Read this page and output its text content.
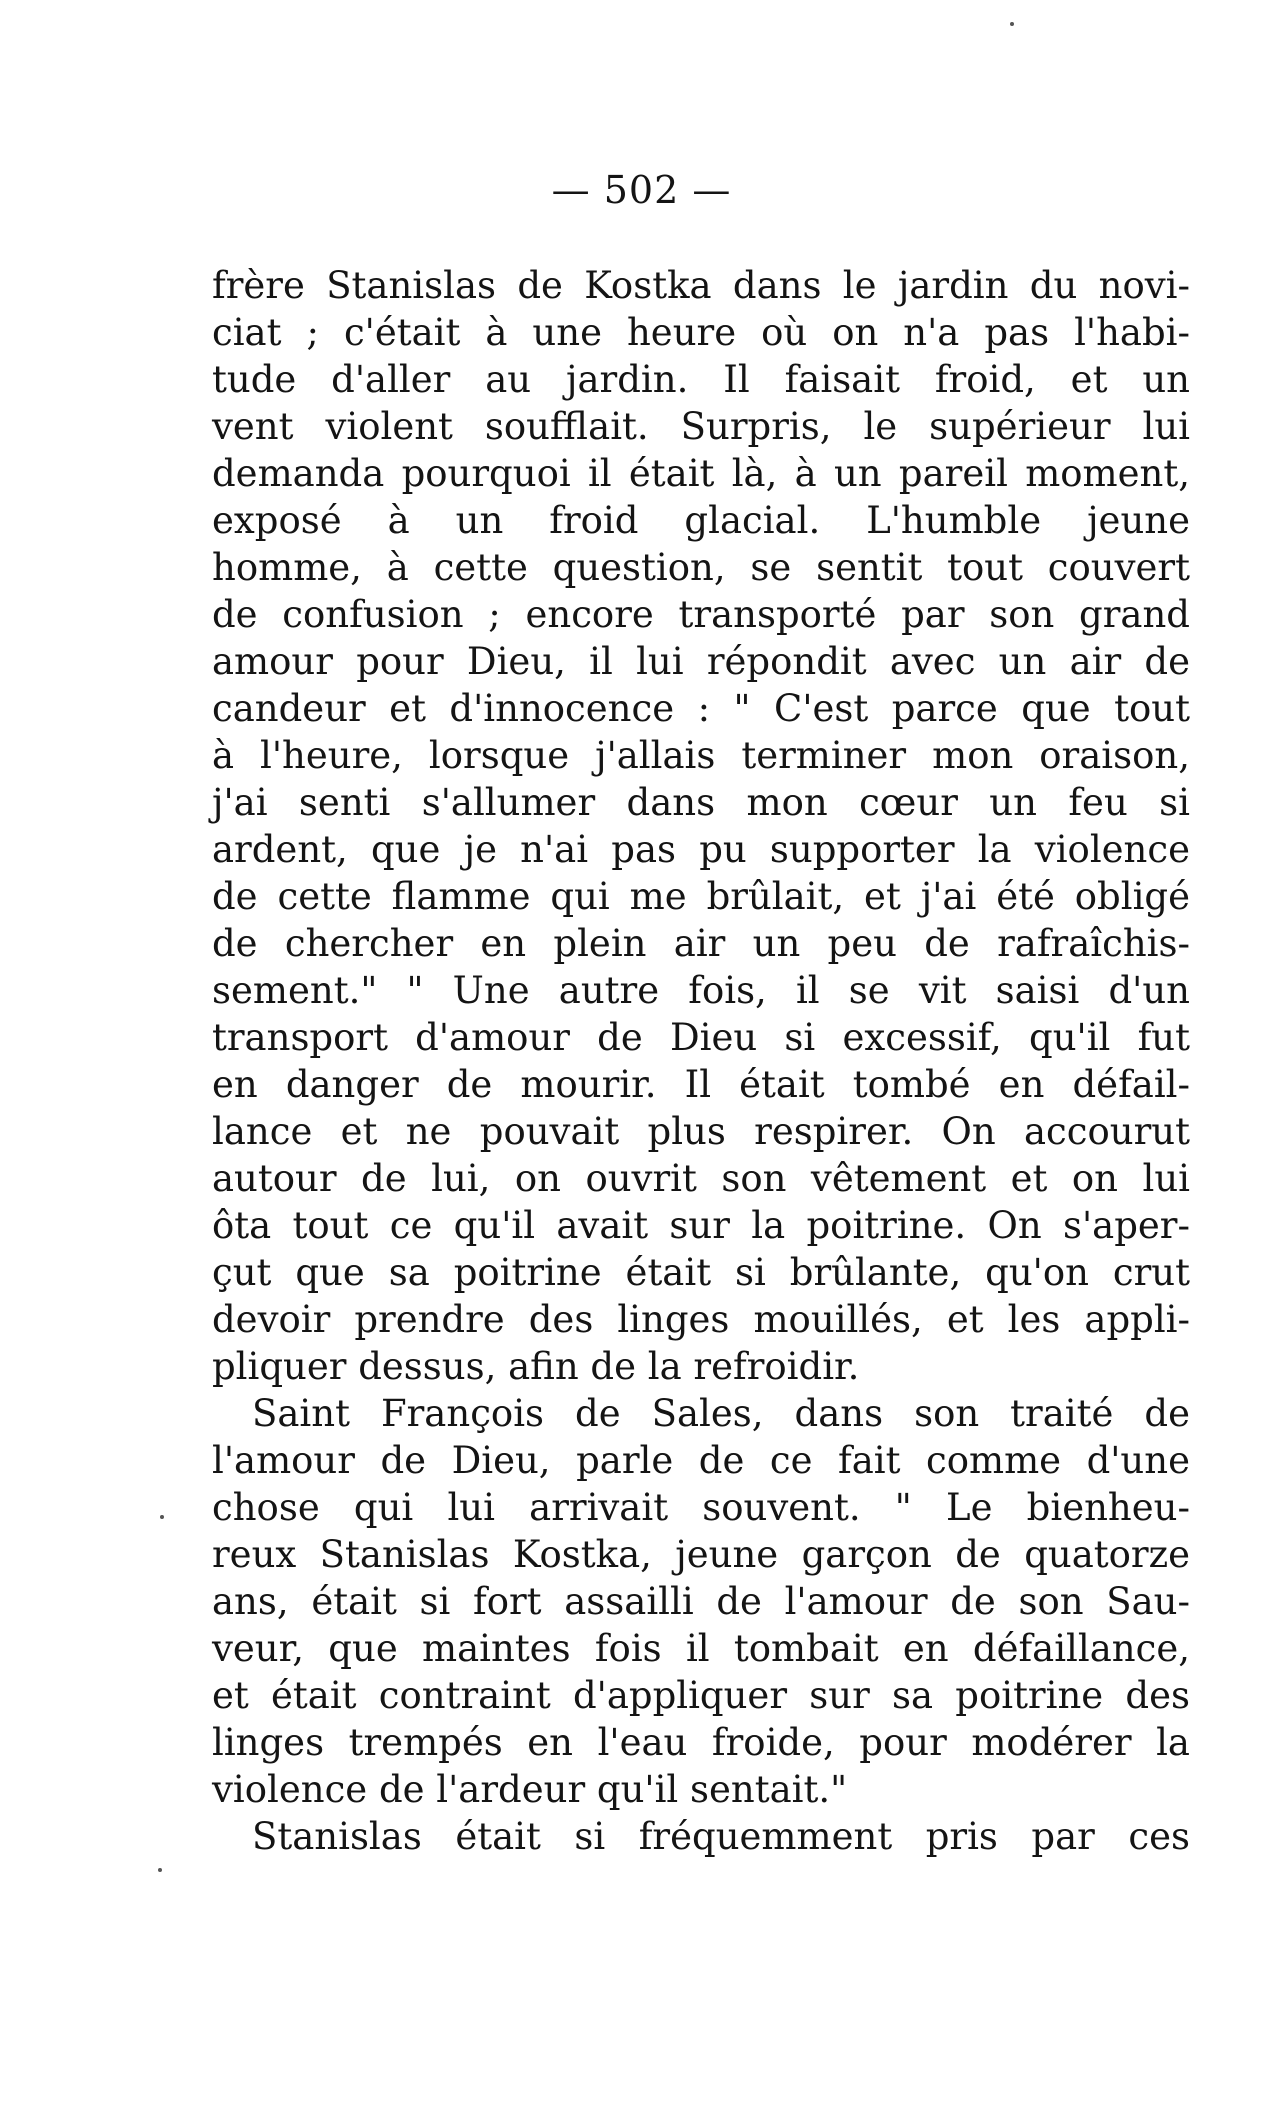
— 502 —
frère Stanislas de Kostka dans le jardin du novi-
ciat ; c'était à une heure où on n'a pas l'habi-
tude d'aller au jardin. Il faisait froid, et un
vent violent soufflait. Surpris, le supérieur lui
demanda pourquoi il était là, à un pareil moment,
exposé à un froid glacial. L'humble jeune
homme, à cette question, se sentit tout couvert
de confusion ; encore transporté par son grand
amour pour Dieu, il lui répondit avec un air de
candeur et d'innocence : " C'est parce que tout
à l'heure, lorsque j'allais terminer mon oraison,
j'ai senti s'allumer dans mon cœur un feu si
ardent, que je n'ai pas pu supporter la violence
de cette flamme qui me brûlait, et j'ai été obligé
de chercher en plein air un peu de rafraîchis-
sement." " Une autre fois, il se vit saisi d'un
transport d'amour de Dieu si excessif, qu'il fut
en danger de mourir. Il était tombé en défail-
lance et ne pouvait plus respirer. On accourut
autour de lui, on ouvrit son vêtement et on lui
ôta tout ce qu'il avait sur la poitrine. On s'aper-
çut que sa poitrine était si brûlante, qu'on crut
devoir prendre des linges mouillés, et les appli-
pliquer dessus, afin de la refroidir.
Saint François de Sales, dans son traité de
l'amour de Dieu, parle de ce fait comme d'une
chose qui lui arrivait souvent. " Le bienheu-
reux Stanislas Kostka, jeune garçon de quatorze
ans, était si fort assailli de l'amour de son Sau-
veur, que maintes fois il tombait en défaillance,
et était contraint d'appliquer sur sa poitrine des
linges trempés en l'eau froide, pour modérer la
violence de l'ardeur qu'il sentait."
Stanislas était si fréquemment pris par ces
